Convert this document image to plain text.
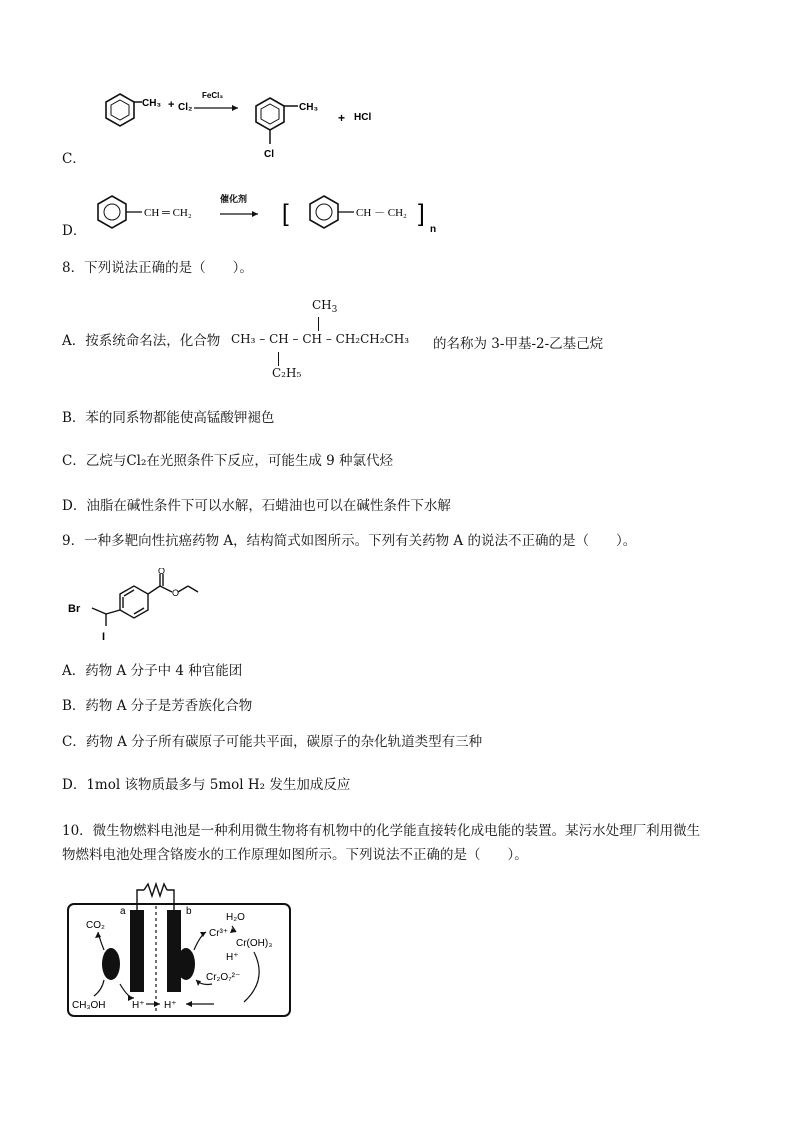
C．
CH₃ + Cl₂
FeCl₃
CH₃
Cl
+ HCl
D．
CH ═ CH₂
催化剂
[	CH － CH₂ ]
n
8．下列说法正确的是（　　）。
$CH_3$
A．按系统命名法，化合物 CH₃ – CH – CH – CH₂CH₂CH₃ 的名称为 3-甲基-2-乙基己烷
C₂H₅
B．苯的同系物都能使高锰酸钾褪色
C．乙烷与Cl₂在光照条件下反应，可能生成 9 种氯代烃
D．油脂在碱性条件下可以水解，石蜡油也可以在碱性条件下水解
9．一种多靶向性抗癌药物 A，结构简式如图所示。下列有关药物 A 的说法不正确的是（　　）。
Br
O
O
I
A．药物 A 分子中 4 种官能团
B．药物 A 分子是芳香族化合物
C．药物 A 分子所有碳原子可能共平面，碳原子的杂化轨道类型有三种
D．1mol 该物质最多与 5mol H₂ 发生加成反应
10．微生物燃料电池是一种利用微生物将有机物中的化学能直接转化成电能的装置。某污水处理厂利用微生
物燃料电池处理含铬废水的工作原理如图所示。下列说法不正确的是（　　）。
a	b
CO₂
CH₃OH	H⁺ H⁺
H₂O
Cr³⁺
Cr(OH)₃
H⁺
Cr₂O₇²⁻
